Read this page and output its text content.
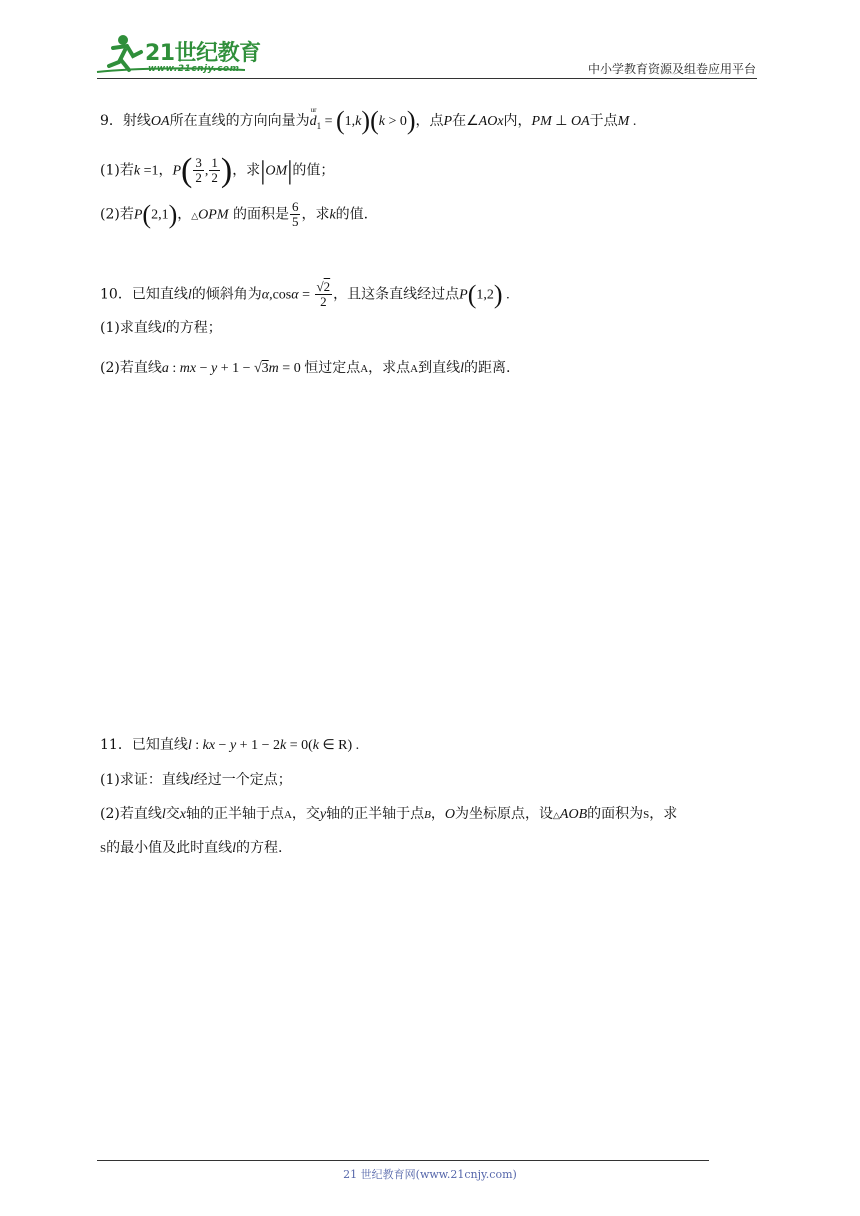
21世纪教育
www.21cnjy.com	中小学教育资源及组卷应用平台
9．射线OA所在直线的方向向量为$d_1$
ur
= (1,k)(k > 0)，点P在∠AOx内，PM ⊥ OA于点M .
(1)若k =1，$P( \frac{3}{2}$ , $\frac{1}{2}$ )，求|OM|的值；
(2)若P(2,1)，△OPM 的面积是 $\frac{6}{5}$ ，求k的值.
10．已知直线l的倾斜角为$\alpha,\cos\alpha = \frac{√2}{2}$ ，且这条直线经过点P(1,2) .
(1)求直线l的方程；
(2)若直线a : mx − y + 1 − √3m = 0 恒过定点A，求点A到直线l的距离.
11．已知直线l : kx − y + 1 − 2k = 0(k ∈ R) .
(1)求证：直线l经过一个定点；
(2)若直线l交x轴的正半轴于点A，交y轴的正半轴于点B，O为坐标原点，设△AOB的面积为S，求
S的最小值及此时直线l的方程.
21 世纪教育网(www.21cnjy.com)
